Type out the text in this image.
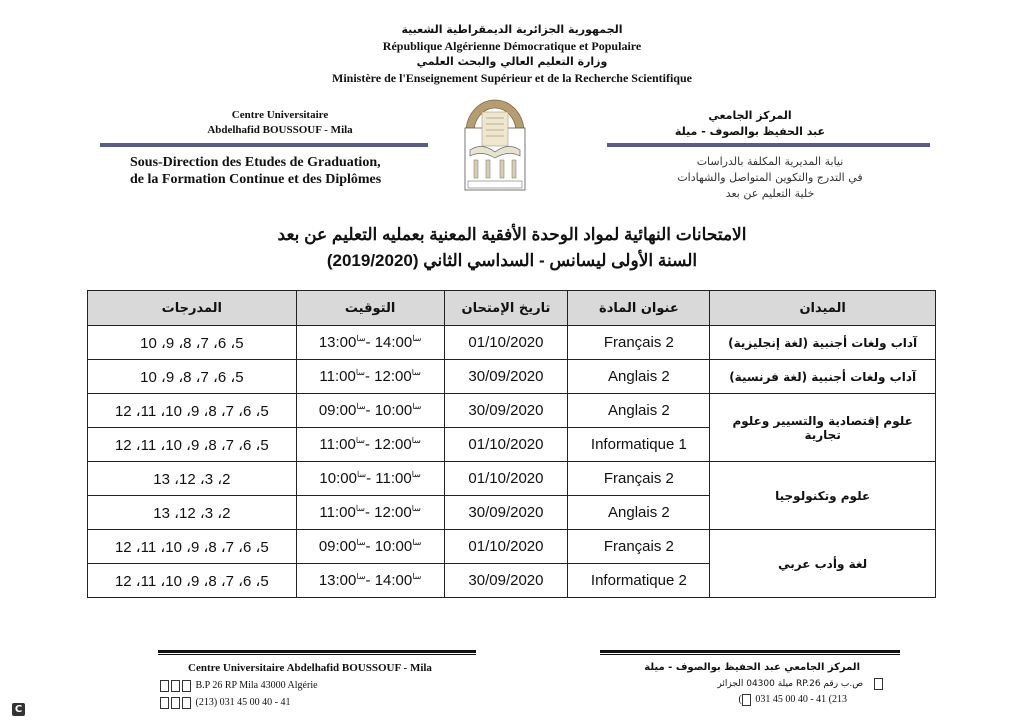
الجمهورية الجزائرية الديمقراطية الشعبية
République Algérienne Démocratique et Populaire
وزارة التعليم العالي والبحث العلمي
Ministère de l'Enseignement Supérieur et de la Recherche Scientifique
Centre Universitaire
Abdelhafid BOUSSOUF - Mila
Sous-Direction des Etudes de Graduation,
de la Formation Continue et des Diplômes
المركز الجامعي
عبد الحفيظ بوالصوف - ميلة
نيابة المديرية المكلفة بالدراسات
في التدرج والتكوين المتواصل والشهادات
خلية التعليم عن بعد
الامتحانات النهائية لمواد الوحدة الأفقية المعنية بعمليه التعليم عن بعد
السنة الأولى ليسانس - السداسي الثاني (2019/2020)
المدرجات	التوقيت	تاريخ الإمتحان	عنوان المادة	الميدان
5، 6، 7، 8، 9، 10	$^{سا}$14:00 -$^{سا}$13:00	01/10/2020	Français 2	آداب ولغات أجنبية (لغة إنجليزية)
5، 6، 7، 8، 9، 10	$^{سا}$12:00 -$^{سا}$11:00	30/09/2020	Anglais 2	آداب ولغات أجنبية (لغة فرنسية)
5، 6، 7، 8، 9، 10، 11، 12	$^{سا}$10:00 -$^{سا}$09:00	30/09/2020	Anglais 2	علوم إقتصادية والتسيير وعلوم تجارية
5، 6، 7، 8، 9، 10، 11، 12	$^{سا}$12:00 -$^{سا}$11:00	01/10/2020	Informatique 1	
2، 3، 12، 13	$^{سا}$11:00 -$^{سا}$10:00	01/10/2020	Français 2	علوم وتكنولوجيا
2، 3، 12، 13	$^{سا}$12:00 -$^{سا}$11:00	30/09/2020	Anglais 2	
5، 6، 7، 8، 9، 10، 11، 12	$^{سا}$10:00 -$^{سا}$09:00	01/10/2020	Français 2	لغة وأدب عربي
5، 6، 7، 8، 9، 10، 11، 12	$^{سا}$14:00 -$^{سا}$13:00	30/09/2020	Informatique 2	
Centre Universitaire Abdelhafid BOUSSOUF - Mila
B.P 26 RP Mila 43000 Algérie
(213) 031 45 00 40 - 41
المركز الجامعي عبد الحفيظ بوالصوف - ميلة
ص.ب رقم RP.26 ميلة 04300 الجزائر
( 031 45 00 40 - 41 (213
C
